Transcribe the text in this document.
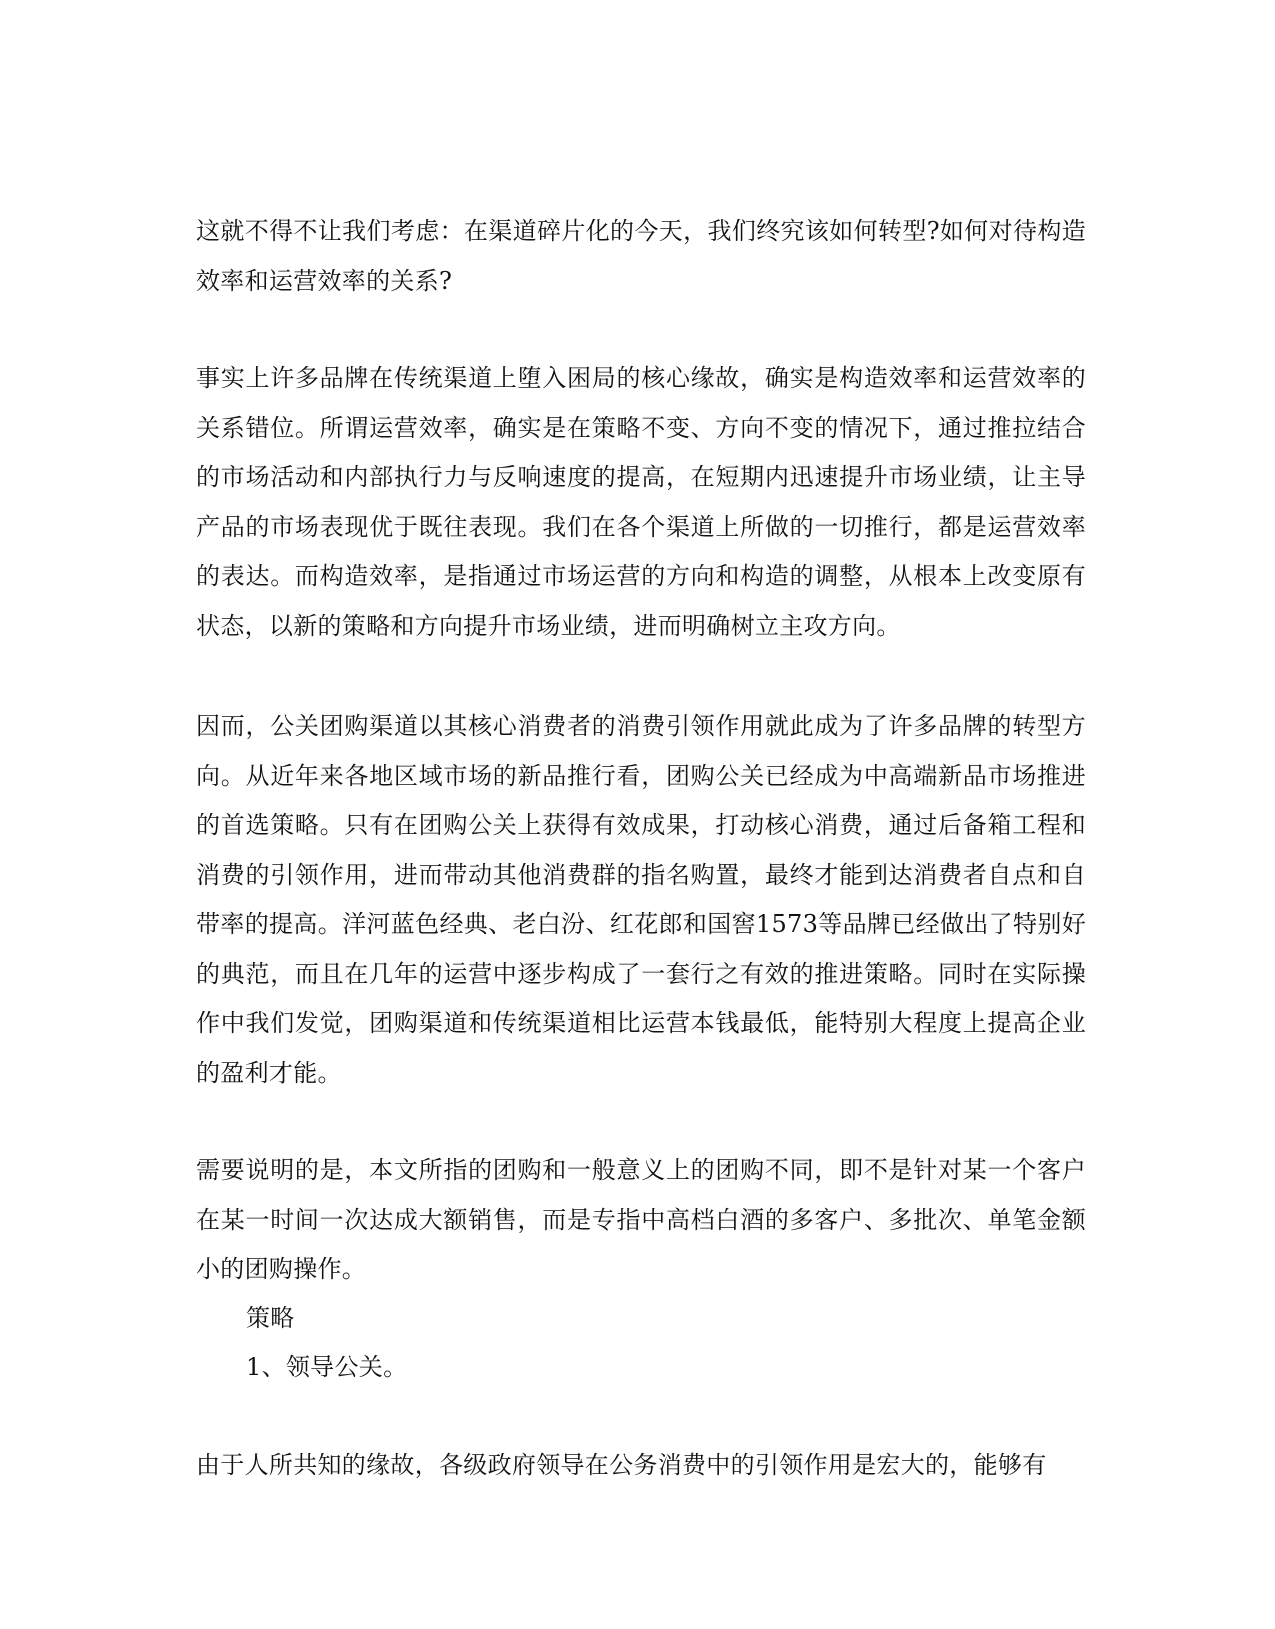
这就不得不让我们考虑：在渠道碎片化的今天，我们终究该如何转型?如何对待构造效率和运营效率的关系?

事实上许多品牌在传统渠道上堕入困局的核心缘故，确实是构造效率和运营效率的关系错位。所谓运营效率，确实是在策略不变、方向不变的情况下，通过推拉结合的市场活动和内部执行力与反响速度的提高，在短期内迅速提升市场业绩，让主导产品的市场表现优于既往表现。我们在各个渠道上所做的一切推行，都是运营效率的表达。而构造效率，是指通过市场运营的方向和构造的调整，从根本上改变原有状态，以新的策略和方向提升市场业绩，进而明确树立主攻方向。

因而，公关团购渠道以其核心消费者的消费引领作用就此成为了许多品牌的转型方向。从近年来各地区域市场的新品推行看，团购公关已经成为中高端新品市场推进的首选策略。只有在团购公关上获得有效成果，打动核心消费，通过后备箱工程和消费的引领作用，进而带动其他消费群的指名购置，最终才能到达消费者自点和自带率的提高。洋河蓝色经典、老白汾、红花郎和国窖1573等品牌已经做出了特别好的典范，而且在几年的运营中逐步构成了一套行之有效的推进策略。同时在实际操作中我们发觉，团购渠道和传统渠道相比运营本钱最低，能特别大程度上提高企业的盈利才能。

需要说明的是，本文所指的团购和一般意义上的团购不同，即不是针对某一个客户在某一时间一次达成大额销售，而是专指中高档白酒的多客户、多批次、单笔金额小的团购操作。

策略

1、领导公关。

由于人所共知的缘故，各级政府领导在公务消费中的引领作用是宏大的，能够有
